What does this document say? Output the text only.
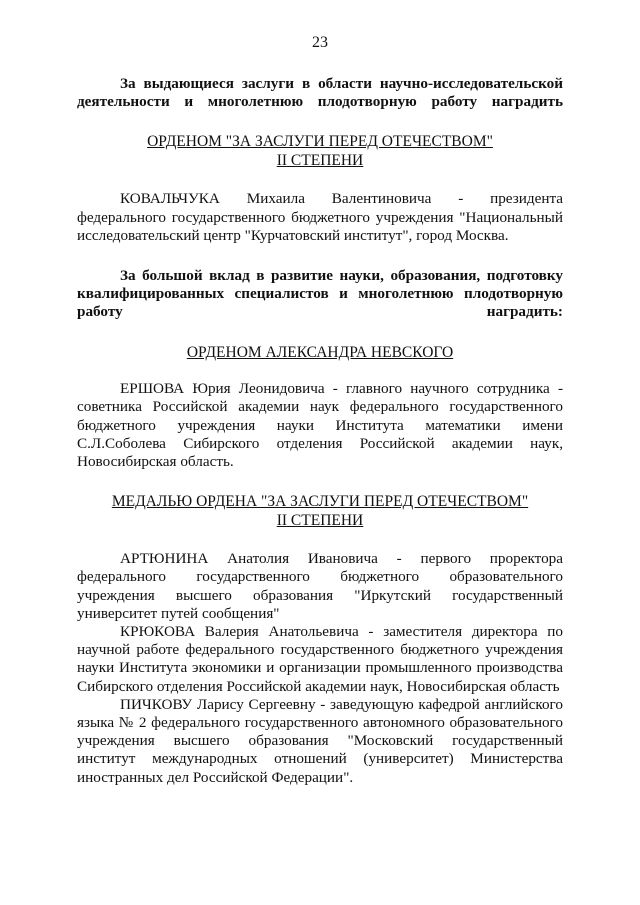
23

За выдающиеся заслуги в области научно-исследовательской деятельности и многолетнюю плодотворную работу наградить

ОРДЕНОМ "ЗА ЗАСЛУГИ ПЕРЕД ОТЕЧЕСТВОМ"

II СТЕПЕНИ

КОВАЛЬЧУКА Михаила Валентиновича - президента федерального государственного бюджетного учреждения "Национальный исследовательский центр "Курчатовский институт", город Москва.

За большой вклад в развитие науки, образования, подготовку квалифицированных специалистов и многолетнюю плодотворную работу наградить:

ОРДЕНОМ АЛЕКСАНДРА НЕВСКОГО

ЕРШОВА Юрия Леонидовича - главного научного сотрудника - советника Российской академии наук федерального государственного бюджетного учреждения науки Института математики имени С.Л.Соболева Сибирского отделения Российской академии наук, Новосибирская область.

МЕДАЛЬЮ ОРДЕНА "ЗА ЗАСЛУГИ ПЕРЕД ОТЕЧЕСТВОМ"

II СТЕПЕНИ

АРТЮНИНА Анатолия Ивановича - первого проректора федерального государственного бюджетного образовательного учреждения высшего образования "Иркутский государственный университет путей сообщения"

КРЮКОВА Валерия Анатольевича - заместителя директора по научной работе федерального государственного бюджетного учреждения науки Института экономики и организации промышленного производства Сибирского отделения Российской академии наук, Новосибирская область

ПИЧКОВУ Ларису Сергеевну - заведующую кафедрой английского языка № 2 федерального государственного автономного образовательного учреждения высшего образования "Московский государственный институт международных отношений (университет) Министерства иностранных дел Российской Федерации".
